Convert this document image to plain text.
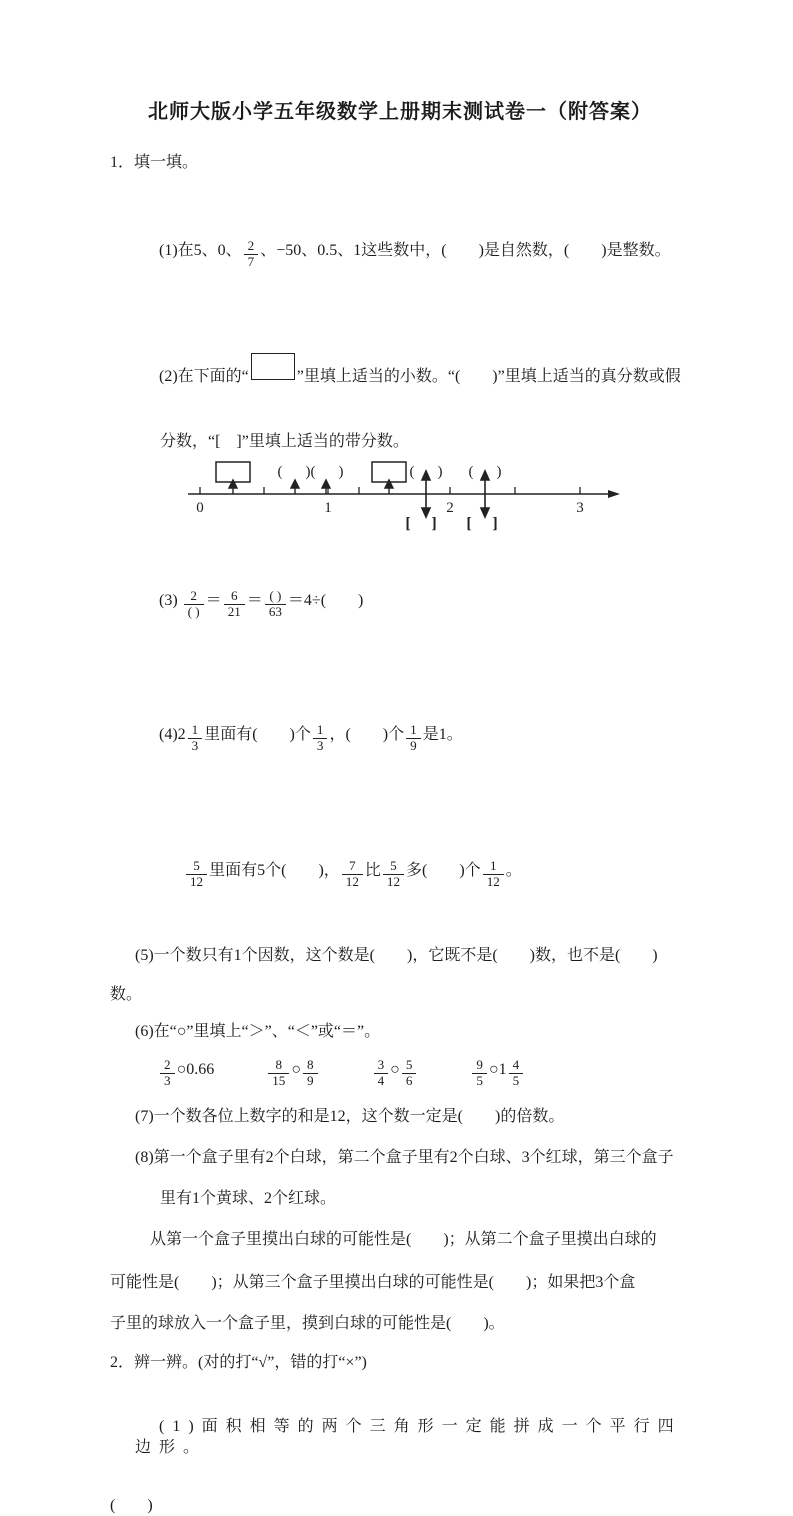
北师大版小学五年级数学上册期末测试卷一（附答案）
1．填一填。

(1)在5、0、 $\frac{2}{7}$ 、−50、0.5、1这些数中，(　　)是自然数，(　　)是整数。

(2)在下面的“	”里填上适当的小数。“(　　)”里填上适当的真分数或假

分数，“[　]”里填上适当的带分数。
0	1	2	3
( ) ( )	( ) ( )
[ ] [ ]

$(3) \frac{2}{( )} = \frac{6}{21} = \frac{( )}{63} =4\div$(　　)

$(4)2 \frac{1}{3}$ 里面有(　　)个 $\frac{1}{3}$ ，(　　)个 $\frac{1}{9}$ 是1。

$\frac{5}{12}$ 里面有5个(　　)， $\frac{7}{12}$ 比 $\frac{5}{12}$ 多(　　)个 $\frac{1}{12}$ 。

(5)一个数只有1个因数，这个数是(　　)，它既不是(　　)数，也不是(　　)
数。
(6)在“○”里填上“＞”、“＜”或“＝”。
$\frac{2}{3}$ ○0.66	$\frac{8}{15}$ ○ $\frac{8}{9}$	$\frac{3}{4}$ ○ $\frac{5}{6}$	$\frac{9}{5}$ ○1 $\frac{4}{5}$
(7)一个数各位上数字的和是12，这个数一定是(　　)的倍数。
(8)第一个盒子里有2个白球，第二个盒子里有2个白球、3个红球，第三个盒子
里有1个黄球、2个红球。
从第一个盒子里摸出白球的可能性是(　　)；从第二个盒子里摸出白球的
可能性是(　　)；从第三个盒子里摸出白球的可能性是(　　)；如果把3个盒
子里的球放入一个盒子里，摸到白球的可能性是(　　)。
2．辨一辨。(对的打“√”，错的打“×”)

(1)面积相等的两个三角形一定能拼成一个平行四边形。

(　　)
